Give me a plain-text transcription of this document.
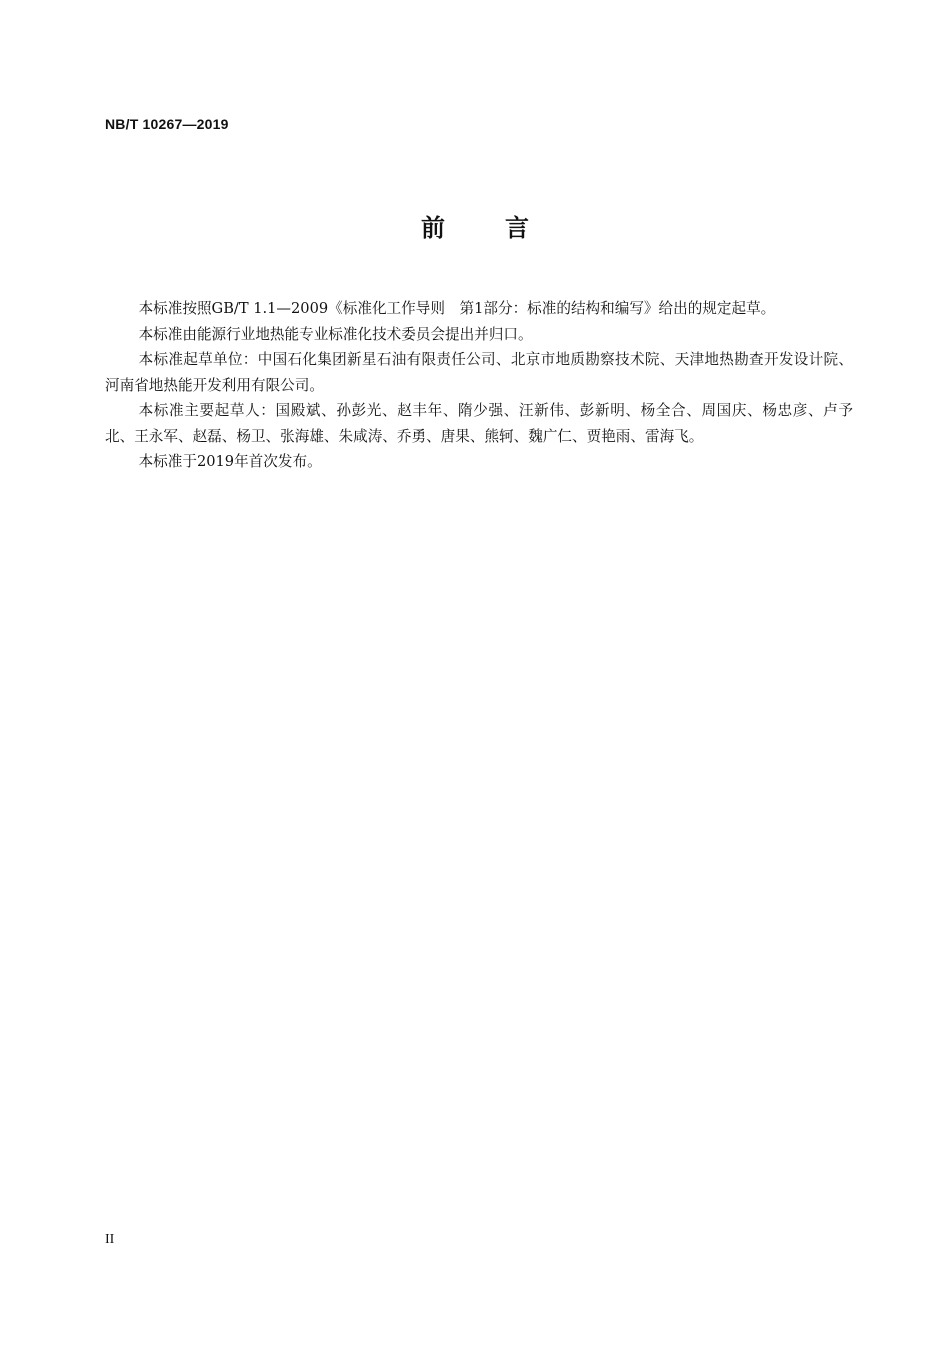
NB/T 10267—2019
前 言

本标准按照GB/T 1.1—2009《标准化工作导则　第1部分：标准的结构和编写》给出的规定起草。

本标准由能源行业地热能专业标准化技术委员会提出并归口。

本标准起草单位：中国石化集团新星石油有限责任公司、北京市地质勘察技术院、天津地热勘查开发设计院、河南省地热能开发利用有限公司。

本标准主要起草人：国殿斌、孙彭光、赵丰年、隋少强、汪新伟、彭新明、杨全合、周国庆、杨忠彦、卢予北、王永军、赵磊、杨卫、张海雄、朱咸涛、乔勇、唐果、熊轲、魏广仁、贾艳雨、雷海飞。

本标准于2019年首次发布。

II
